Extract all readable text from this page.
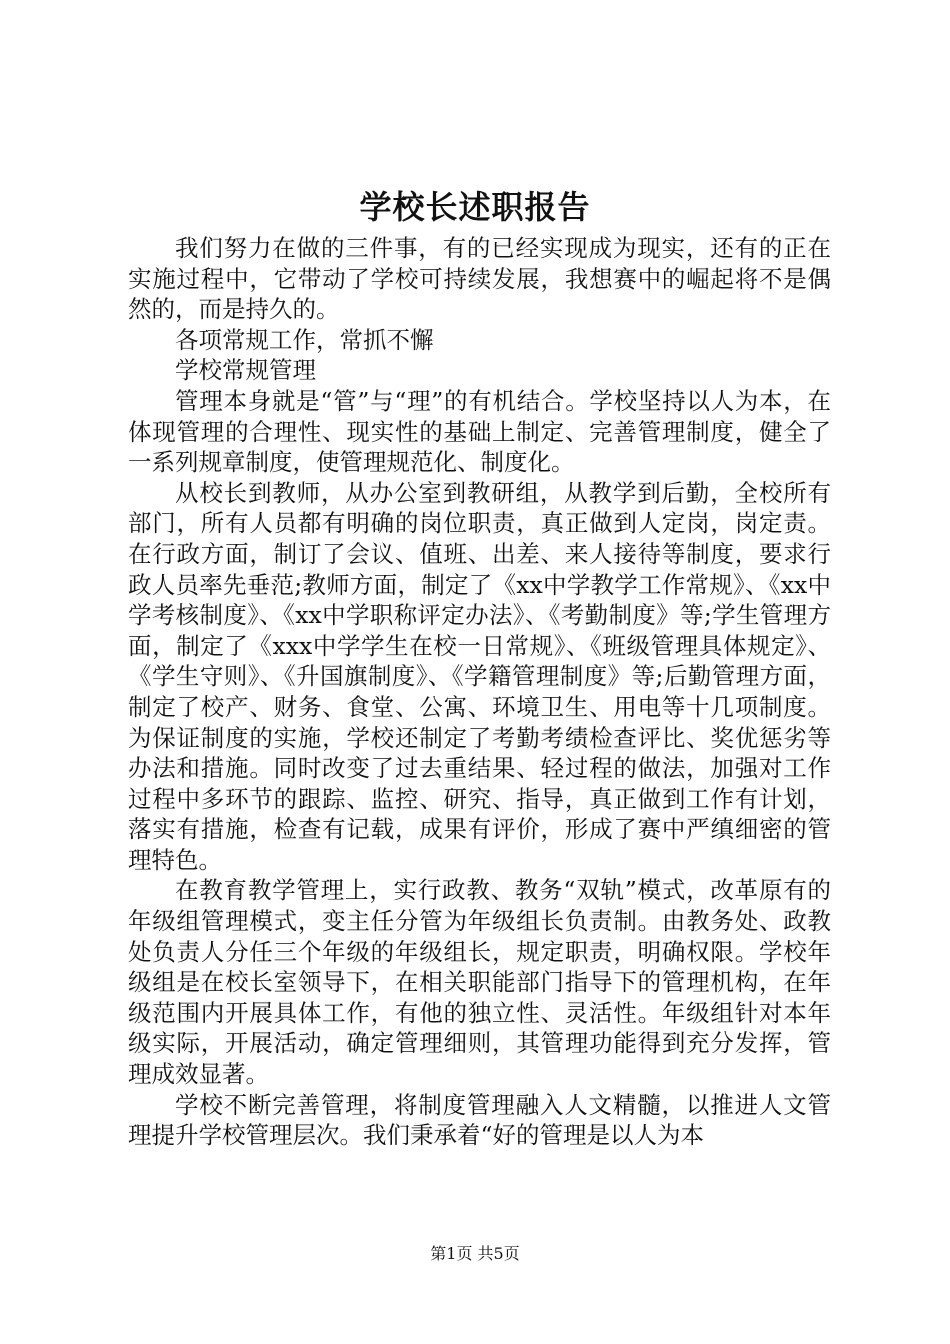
学校长述职报告

我们努力在做的三件事，有的已经实现成为现实，还有的正在实施过程中，它带动了学校可持续发展，我想赛中的崛起将不是偶然的，而是持久的。

各项常规工作，常抓不懈

学校常规管理

管理本身就是“管”与“理”的有机结合。学校坚持以人为本，在体现管理的合理性、现实性的基础上制定、完善管理制度，健全了一系列规章制度，使管理规范化、制度化。

从校长到教师，从办公室到教研组，从教学到后勤，全校所有部门，所有人员都有明确的岗位职责，真正做到人定岗，岗定责。在行政方面，制订了会议、值班、出差、来人接待等制度，要求行政人员率先垂范;教师方面，制定了《xx中学教学工作常规》、《xx中学考核制度》、《xx中学职称评定办法》、《考勤制度》等;学生管理方面，制定了《xxx中学学生在校一日常规》、《班级管理具体规定》、《学生守则》、《升国旗制度》、《学籍管理制度》等;后勤管理方面，制定了校产、财务、食堂、公寓、环境卫生、用电等十几项制度。为保证制度的实施，学校还制定了考勤考绩检查评比、奖优惩劣等办法和措施。同时改变了过去重结果、轻过程的做法，加强对工作过程中多环节的跟踪、监控、研究、指导，真正做到工作有计划，落实有措施，检查有记载，成果有评价，形成了赛中严缜细密的管理特色。

在教育教学管理上，实行政教、教务“双轨”模式，改革原有的年级组管理模式，变主任分管为年级组长负责制。由教务处、政教处负责人分任三个年级的年级组长，规定职责，明确权限。学校年级组是在校长室领导下，在相关职能部门指导下的管理机构，在年级范围内开展具体工作，有他的独立性、灵活性。年级组针对本年级实际，开展活动，确定管理细则，其管理功能得到充分发挥，管理成效显著。

学校不断完善管理，将制度管理融入人文精髓，以推进人文管理提升学校管理层次。我们秉承着“好的管理是以人为本

第1页 共5页
